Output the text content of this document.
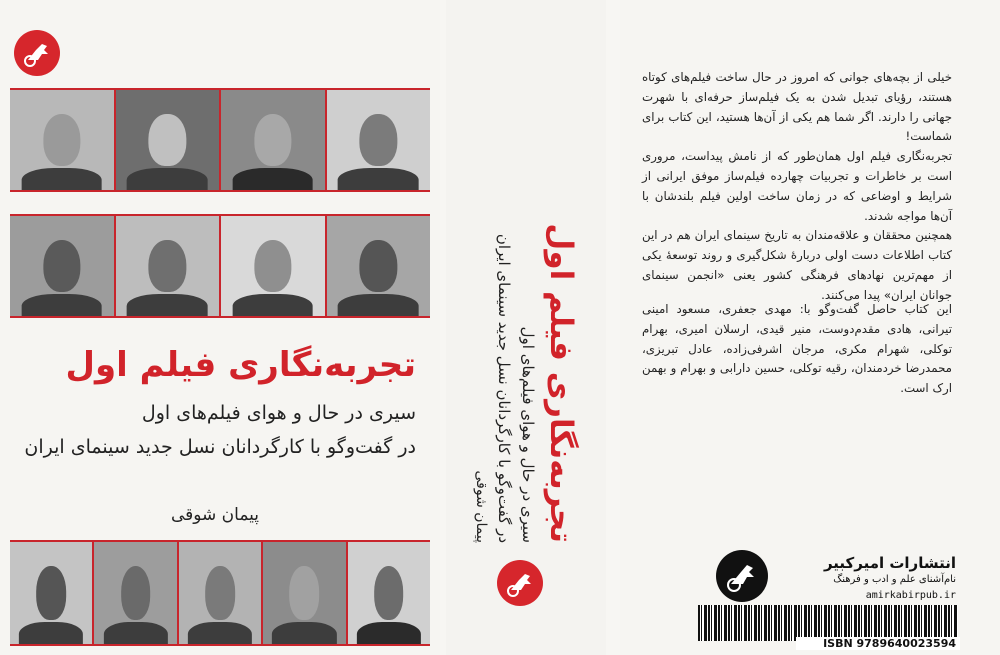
تجربه‌نگاری فیلم اول
سیری در حال و هوای فیلم‌های اول
در گفت‌وگو با کارگردانان نسل جدید سینمای ایران
پیمان شوقی	تجربه‌نگاری فیلم اول
سیری در حال و هوای فیلم‌های اول
در گفت‌وگو با کارگردانان نسل جدید سینمای ایران
پیمان شوقی

خیلی از بچه‌های جوانی که امروز در حال ساخت فیلم‌های کوتاه هستند، رؤیای تبدیل شدن به یک فیلم‌ساز حرفه‌ای با شهرت جهانی را دارند. اگر شما هم یکی از آن‌ها هستید، این کتاب برای شماست!

تجربه‌نگاری فیلم اول همان‌طور که از نامش پیداست، مروری است بر خاطرات و تجربیات چهارده فیلم‌ساز موفق ایرانی از شرایط و اوضاعی که در زمان ساخت اولین فیلم بلندشان با آن‌ها مواجه شدند.

همچنین محققان و علاقه‌مندان به تاریخ سینمای ایران هم در این کتاب اطلاعات دست اولی دربارهٔ شکل‌گیری و روند توسعهٔ یکی از مهم‌ترین نهادهای فرهنگی کشور یعنی «انجمن سینمای جوانان ایران» پیدا می‌کنند.

این کتاب حاصل گفت‌وگو با: مهدی جعفری، مسعود امینی تیرانی، هادی مقدم‌دوست، منیر قیدی، ارسلان امیری، بهرام توکلی، شهرام مکری، مرجان اشرفی‌زاده، عادل تبریزی، محمدرضا خردمندان، رقیه توکلی، حسین دارابی و بهرام و بهمن ارک است.
انتشارات امیرکبیر
نام‌آشنای علم و ادب و فرهنگ
amirkabirpub.ir
ISBN 9789640023594
